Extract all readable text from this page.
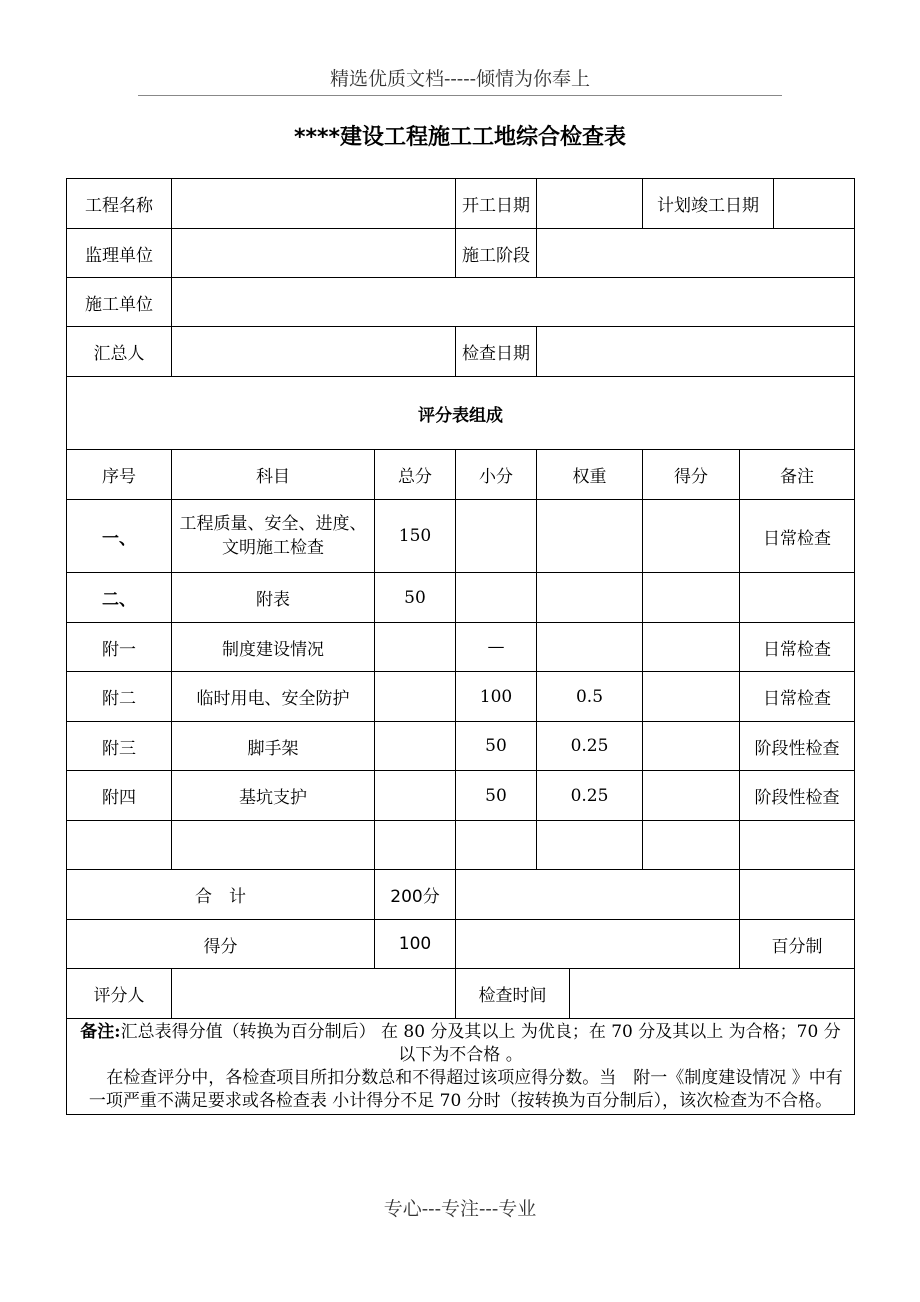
精选优质文档-----倾情为你奉上
****建设工程施工工地综合检查表
工程名称			开工日期			计划竣工日期		
监理单位			施工阶段					
施工单位								
汇总人			检查日期					
评分表组成								
序号	科目	总分	小分	权重		得分	备注	
一、	工程质量、安全、进度、文明施工检查	150					日常检查	
二、	附表	50						
附一	制度建设情况		—				日常检查	
附二	临时用电、安全防护		100	0.5			日常检查	
附三	脚手架		50	0.25			阶段性检查	
附四	基坑支护		50	0.25			阶段性检查	

合　计		200分						
得分		100					百分制	
评分人			检查时间					

备注:汇总表得分值（转换为百分制后） 在 80 分及其以上 为优良；在 70 分及其以上 为合格；70 分以下为不合格 。
在检查评分中，各检查项目所扣分数总和不得超过该项应得分数。当　附一《制度建设情况 》中有一项严重不满足要求或各检查表 小计得分不足 70 分时（按转换为百分制后），该次检查为不合格。								
专心---专注---专业
